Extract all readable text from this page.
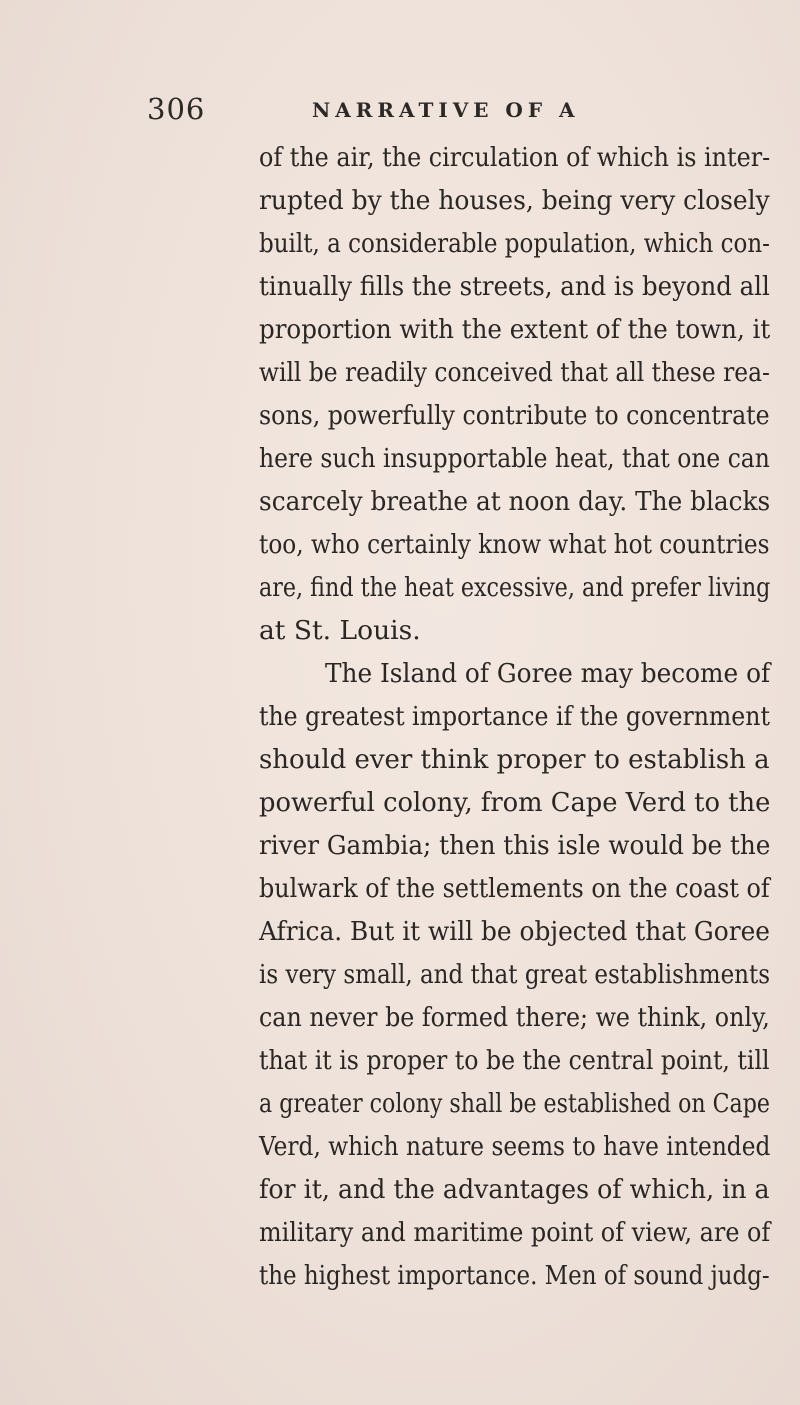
306	NARRATIVE OF A
of the air, the circulation of which is inter-
rupted by the houses, being very closely
built, a considerable population, which con-
tinually fills the streets, and is beyond all
proportion with the extent of the town, it
will be readily conceived that all these rea-
sons, powerfully contribute to concentrate
here such insupportable heat, that one can
scarcely breathe at noon day. The blacks
too, who certainly know what hot countries
are, find the heat excessive, and prefer living
at St. Louis.
The Island of Goree may become of
the greatest importance if the government
should ever think proper to establish a
powerful colony, from Cape Verd to the
river Gambia; then this isle would be the
bulwark of the settlements on the coast of
Africa. But it will be objected that Goree
is very small, and that great establishments
can never be formed there; we think, only,
that it is proper to be the central point, till
a greater colony shall be established on Cape
Verd, which nature seems to have intended
for it, and the advantages of which, in a
military and maritime point of view, are of
the highest importance. Men of sound judg-
